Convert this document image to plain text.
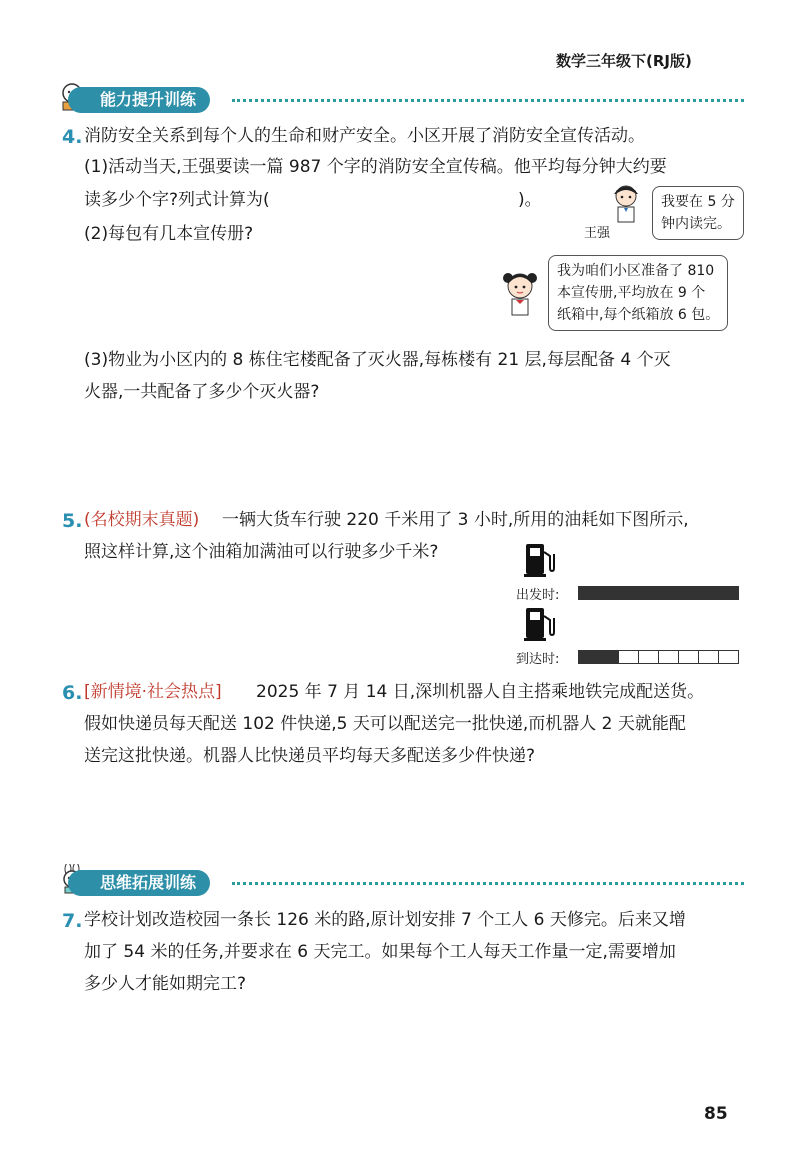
数学三年级下(RJ版)
能力提升训练
4. 消防安全关系到每个人的生命和财产安全。小区开展了消防安全宣传活动。
(1)活动当天,王强要读一篇 987 个字的消防安全宣传稿。他平均每分钟大约要
读多少个字?列式计算为(	)。
(2)每包有几本宣传册?	王强
我要在 5 分
钟内读完。
我为咱们小区准备了 810
本宣传册,平均放在 9 个
纸箱中,每个纸箱放 6 包。
(3)物业为小区内的 8 栋住宅楼配备了灭火器,每栋楼有 21 层,每层配备 4 个灭
火器,一共配备了多少个灭火器?
5. (名校期末真题) 一辆大货车行驶 220 千米用了 3 小时,所用的油耗如下图所示,
照这样计算,这个油箱加满油可以行驶多少千米?
出发时:
到达时:
6. [新情境·社会热点] 2025 年 7 月 14 日,深圳机器人自主搭乘地铁完成配送货。
假如快递员每天配送 102 件快递,5 天可以配送完一批快递,而机器人 2 天就能配
送完这批快递。机器人比快递员平均每天多配送多少件快递?
思维拓展训练
7. 学校计划改造校园一条长 126 米的路,原计划安排 7 个工人 6 天修完。后来又增
加了 54 米的任务,并要求在 6 天完工。如果每个工人每天工作量一定,需要增加
多少人才能如期完工?
85
